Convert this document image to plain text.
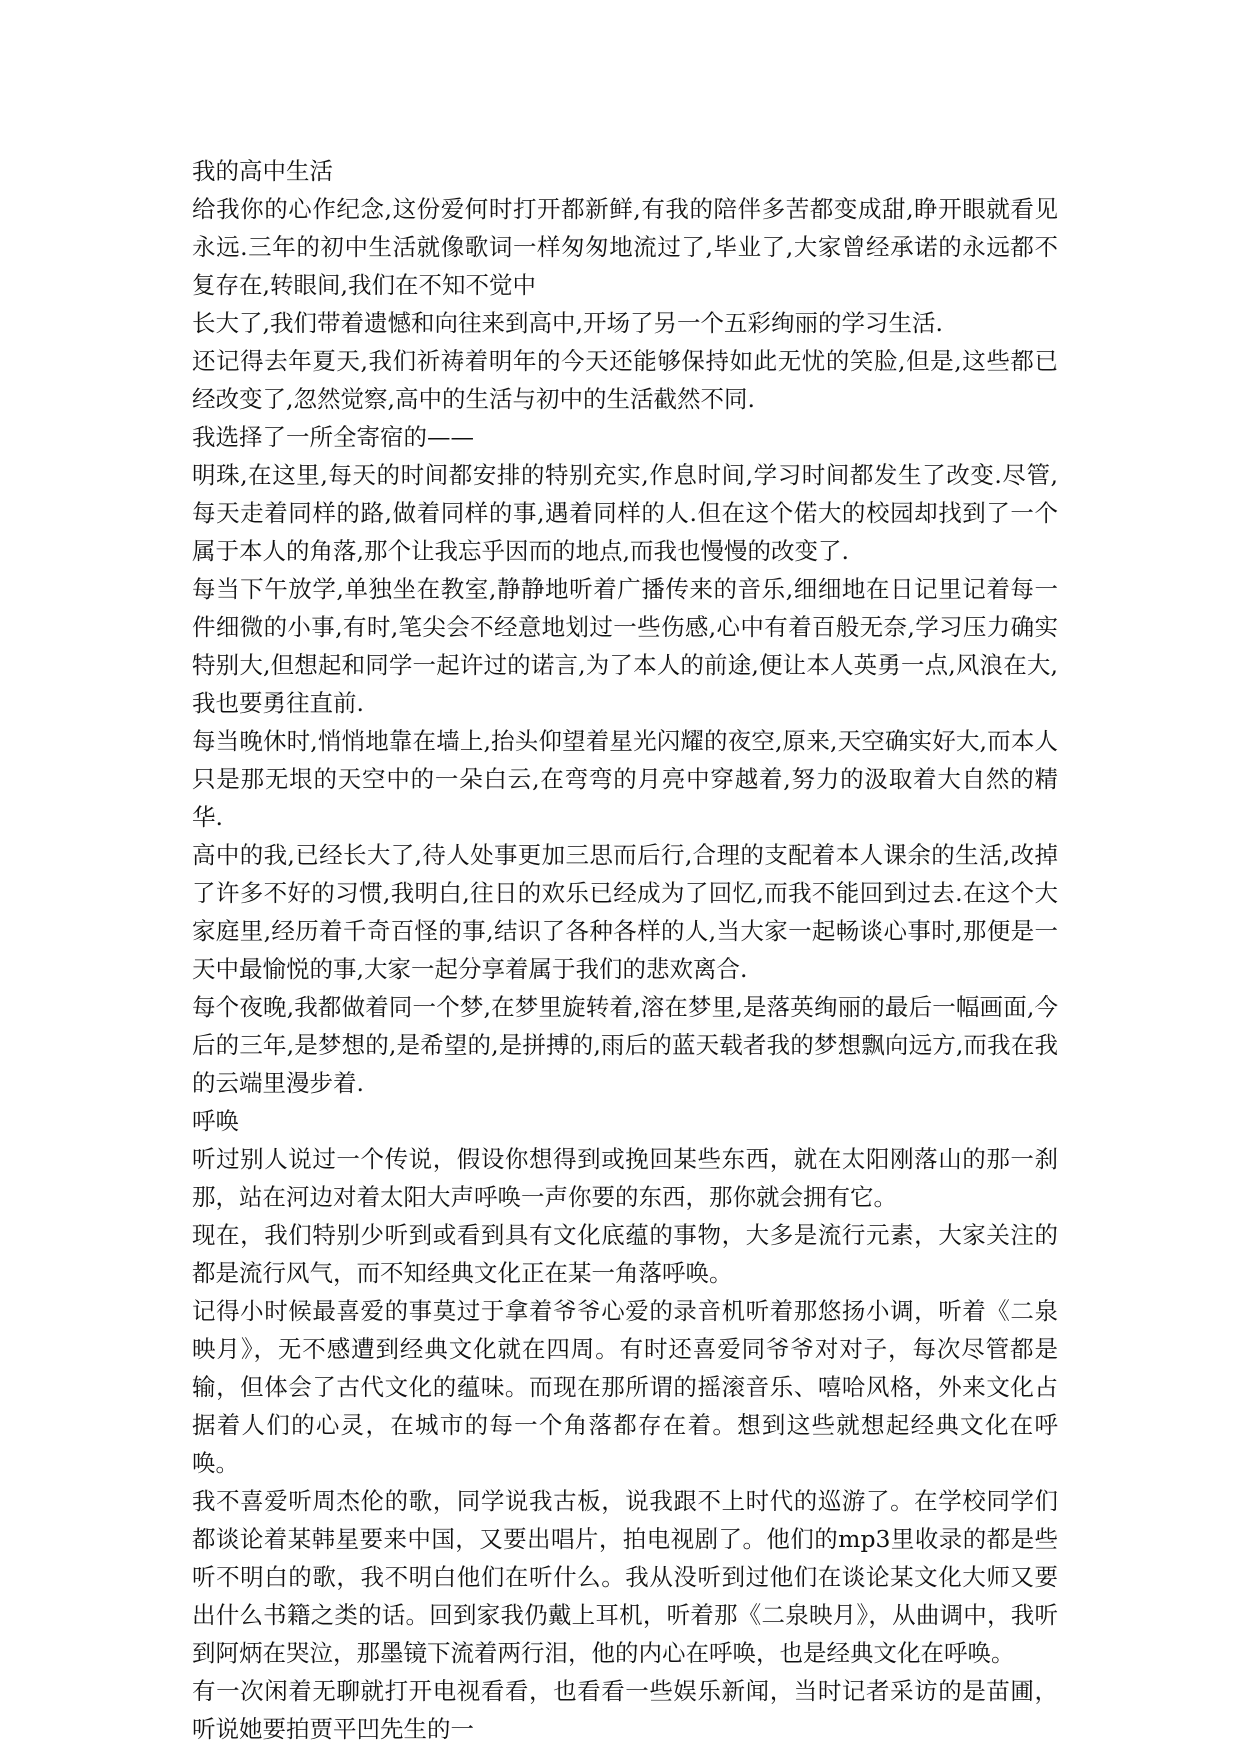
我的高中生活

给我你的心作纪念,这份爱何时打开都新鲜,有我的陪伴多苦都变成甜,睁开眼就看见永远.三年的初中生活就像歌词一样匆匆地流过了,毕业了,大家曾经承诺的永远都不复存在,转眼间,我们在不知不觉中

长大了,我们带着遗憾和向往来到高中,开场了另一个五彩绚丽的学习生活.

还记得去年夏天,我们祈祷着明年的今天还能够保持如此无忧的笑脸,但是,这些都已经改变了,忽然觉察,高中的生活与初中的生活截然不同.

我选择了一所全寄宿的——

明珠,在这里,每天的时间都安排的特别充实,作息时间,学习时间都发生了改变.尽管,每天走着同样的路,做着同样的事,遇着同样的人.但在这个偌大的校园却找到了一个属于本人的角落,那个让我忘乎因而的地点,而我也慢慢的改变了.

每当下午放学,单独坐在教室,静静地听着广播传来的音乐,细细地在日记里记着每一件细微的小事,有时,笔尖会不经意地划过一些伤感,心中有着百般无奈,学习压力确实特别大,但想起和同学一起许过的诺言,为了本人的前途,便让本人英勇一点,风浪在大,我也要勇往直前.

每当晚休时,悄悄地靠在墙上,抬头仰望着星光闪耀的夜空,原来,天空确实好大,而本人只是那无垠的天空中的一朵白云,在弯弯的月亮中穿越着,努力的汲取着大自然的精华.

高中的我,已经长大了,待人处事更加三思而后行,合理的支配着本人课余的生活,改掉了许多不好的习惯,我明白,往日的欢乐已经成为了回忆,而我不能回到过去.在这个大家庭里,经历着千奇百怪的事,结识了各种各样的人,当大家一起畅谈心事时,那便是一天中最愉悦的事,大家一起分享着属于我们的悲欢离合.

每个夜晚,我都做着同一个梦,在梦里旋转着,溶在梦里,是落英绚丽的最后一幅画面,今后的三年,是梦想的,是希望的,是拼搏的,雨后的蓝天载者我的梦想飘向远方,而我在我的云端里漫步着.

呼唤

听过别人说过一个传说，假设你想得到或挽回某些东西，就在太阳刚落山的那一刹那，站在河边对着太阳大声呼唤一声你要的东西，那你就会拥有它。

现在，我们特别少听到或看到具有文化底蕴的事物，大多是流行元素，大家关注的都是流行风气，而不知经典文化正在某一角落呼唤。

记得小时候最喜爱的事莫过于拿着爷爷心爱的录音机听着那悠扬小调，听着《二泉映月》，无不感遭到经典文化就在四周。有时还喜爱同爷爷对对子，每次尽管都是输，但体会了古代文化的蕴味。而现在那所谓的摇滚音乐、嘻哈风格，外来文化占据着人们的心灵，在城市的每一个角落都存在着。想到这些就想起经典文化在呼唤。

我不喜爱听周杰伦的歌，同学说我古板，说我跟不上时代的巡游了。在学校同学们都谈论着某韩星要来中国，又要出唱片，拍电视剧了。他们的mp3里收录的都是些听不明白的歌，我不明白他们在听什么。我从没听到过他们在谈论某文化大师又要出什么书籍之类的话。回到家我仍戴上耳机，听着那《二泉映月》，从曲调中，我听到阿炳在哭泣，那墨镜下流着两行泪，他的内心在呼唤，也是经典文化在呼唤。

有一次闲着无聊就打开电视看看，也看看一些娱乐新闻，当时记者采访的是苗圃，听说她要拍贾平凹先生的一
